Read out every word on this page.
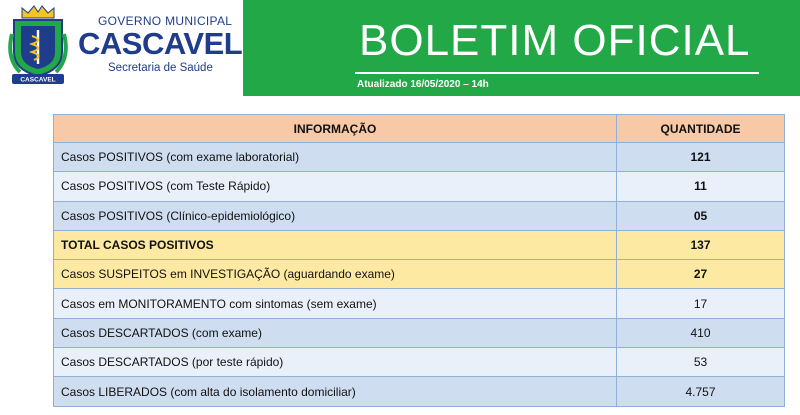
CASCAVEL
GOVERNO MUNICIPAL
CASCAVEL
Secretaria de Saúde
BOLETIM OFICIAL
Atualizado 16/05/2020 – 14h
INFORMAÇÃO	QUANTIDADE
Casos POSITIVOS (com exame laboratorial)	121
Casos POSITIVOS (com Teste Rápido)	11
Casos POSITIVOS (Clínico-epidemiológico)	05
TOTAL CASOS POSITIVOS	137
Casos SUSPEITOS em INVESTIGAÇÃO (aguardando exame)	27
Casos em MONITORAMENTO com sintomas (sem exame)	17
Casos DESCARTADOS (com exame)	410
Casos DESCARTADOS (por teste rápido)	53
Casos LIBERADOS (com alta do isolamento domiciliar)	4.757
